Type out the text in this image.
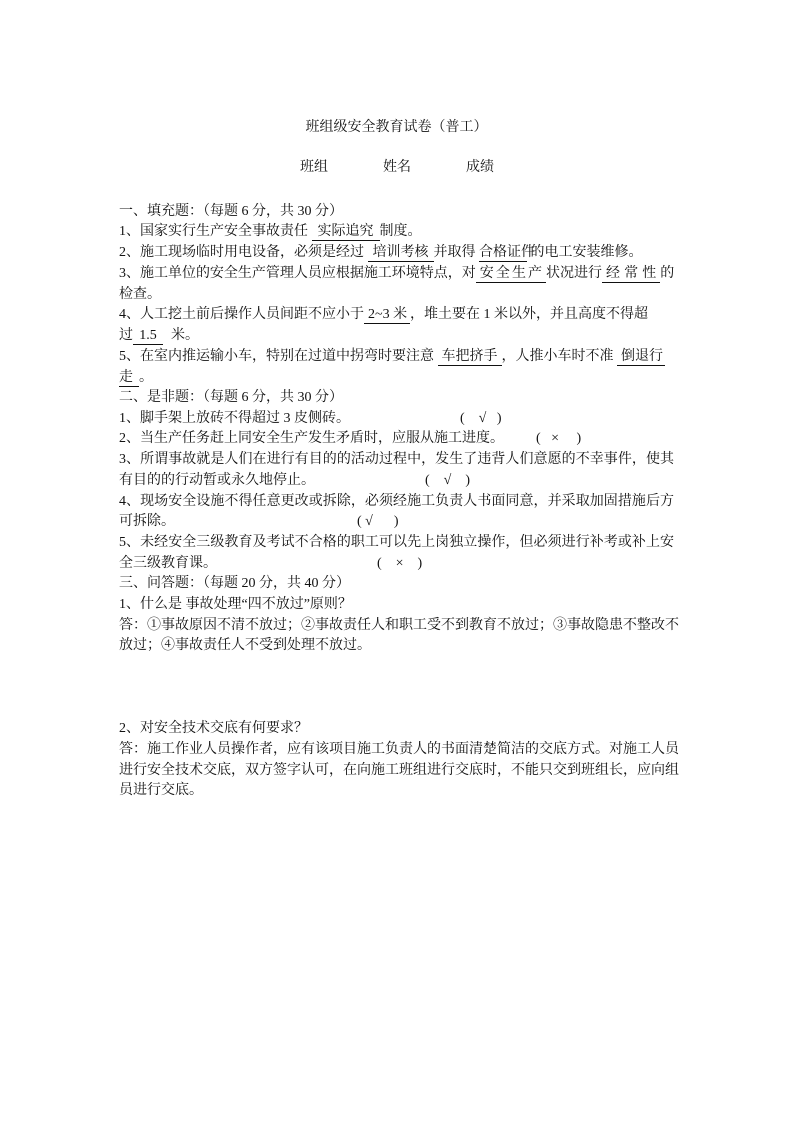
班组级安全教育试卷（普工）
班组	姓名	成绩
一、填充题：（每题 6 分，共 30 分）
1、国家实行生产安全事故责任 实际追究 制度。
2、施工现场临时用电设备，必须是经过 培训考核 并取得 合格证件 的电工安装维修。
3、施工单位的安全生产管理人员应根据施工环境特点，对 安全生产 状况进行 经常性 的
检查。
4、人工挖土前后操作人员间距不应小于 2~3 米 ，堆土要在 1 米以外，并且高度不得超
过 1.5 米。
5、在室内推运输小车，特别在过道中拐弯时要注意 车把挤手 ，人推小车时不准 倒退行
走 。
二、是非题：（每题 6 分，共 30 分）
1、脚手架上放砖不得超过 3 皮侧砖。	(    √   )
2、当生产任务赶上同安全生产发生矛盾时，应服从施工进度。 (   ×     )
3、所谓事故就是人们在进行有目的的活动过程中，发生了违背人们意愿的不幸事件，使其
有目的的行动暂或永久地停止。	(    √    )
4、现场安全设施不得任意更改或拆除，必须经施工负责人书面同意，并采取加固措施后方
可拆除。	( √      )
5、未经安全三级教育及考试不合格的职工可以先上岗独立操作，但必须进行补考或补上安
全三级教育课。	(    ×    )
三、问答题：（每题 20 分，共 40 分）
1、什么是 事故处理“四不放过”原则？
答：①事故原因不清不放过；②事故责任人和职工受不到教育不放过；③事故隐患不整改不
放过；④事故责任人不受到处理不放过。
2、对安全技术交底有何要求？
答：施工作业人员操作者，应有该项目施工负责人的书面清楚简洁的交底方式。对施工人员
进行安全技术交底，双方签字认可，在向施工班组进行交底时，不能只交到班组长，应向组
员进行交底。
